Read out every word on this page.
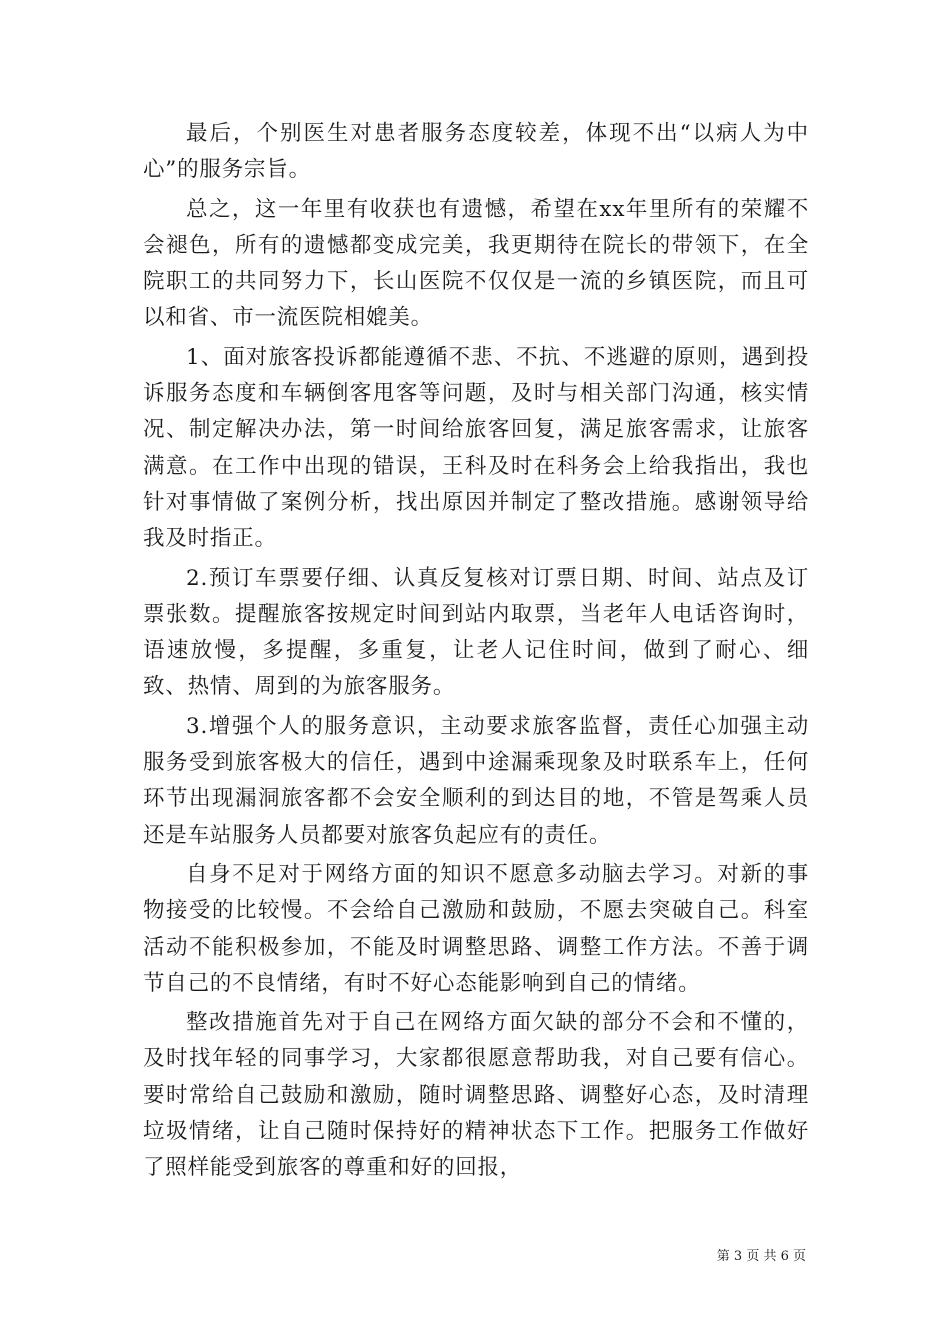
最后，个别医生对患者服务态度较差，体现不出“以病人为中心”的服务宗旨。

总之，这一年里有收获也有遗憾，希望在xx年里所有的荣耀不会褪色，所有的遗憾都变成完美，我更期待在院长的带领下，在全院职工的共同努力下，长山医院不仅仅是一流的乡镇医院，而且可以和省、市一流医院相媲美。

1、面对旅客投诉都能遵循不悲、不抗、不逃避的原则，遇到投诉服务态度和车辆倒客甩客等问题，及时与相关部门沟通，核实情况、制定解决办法，第一时间给旅客回复，满足旅客需求，让旅客满意。在工作中出现的错误，王科及时在科务会上给我指出，我也针对事情做了案例分析，找出原因并制定了整改措施。感谢领导给我及时指正。

2.预订车票要仔细、认真反复核对订票日期、时间、站点及订票张数。提醒旅客按规定时间到站内取票，当老年人电话咨询时，语速放慢，多提醒，多重复，让老人记住时间，做到了耐心、细致、热情、周到的为旅客服务。

3.增强个人的服务意识，主动要求旅客监督，责任心加强主动服务受到旅客极大的信任，遇到中途漏乘现象及时联系车上，任何环节出现漏洞旅客都不会安全顺利的到达目的地，不管是驾乘人员还是车站服务人员都要对旅客负起应有的责任。

自身不足对于网络方面的知识不愿意多动脑去学习。对新的事物接受的比较慢。不会给自己激励和鼓励，不愿去突破自己。科室活动不能积极参加，不能及时调整思路、调整工作方法。不善于调节自己的不良情绪，有时不好心态能影响到自己的情绪。

整改措施首先对于自己在网络方面欠缺的部分不会和不懂的，及时找年轻的同事学习，大家都很愿意帮助我，对自己要有信心。要时常给自己鼓励和激励，随时调整思路、调整好心态，及时清理垃圾情绪，让自己随时保持好的精神状态下工作。把服务工作做好了照样能受到旅客的尊重和好的回报，

第 3 页 共 6 页
